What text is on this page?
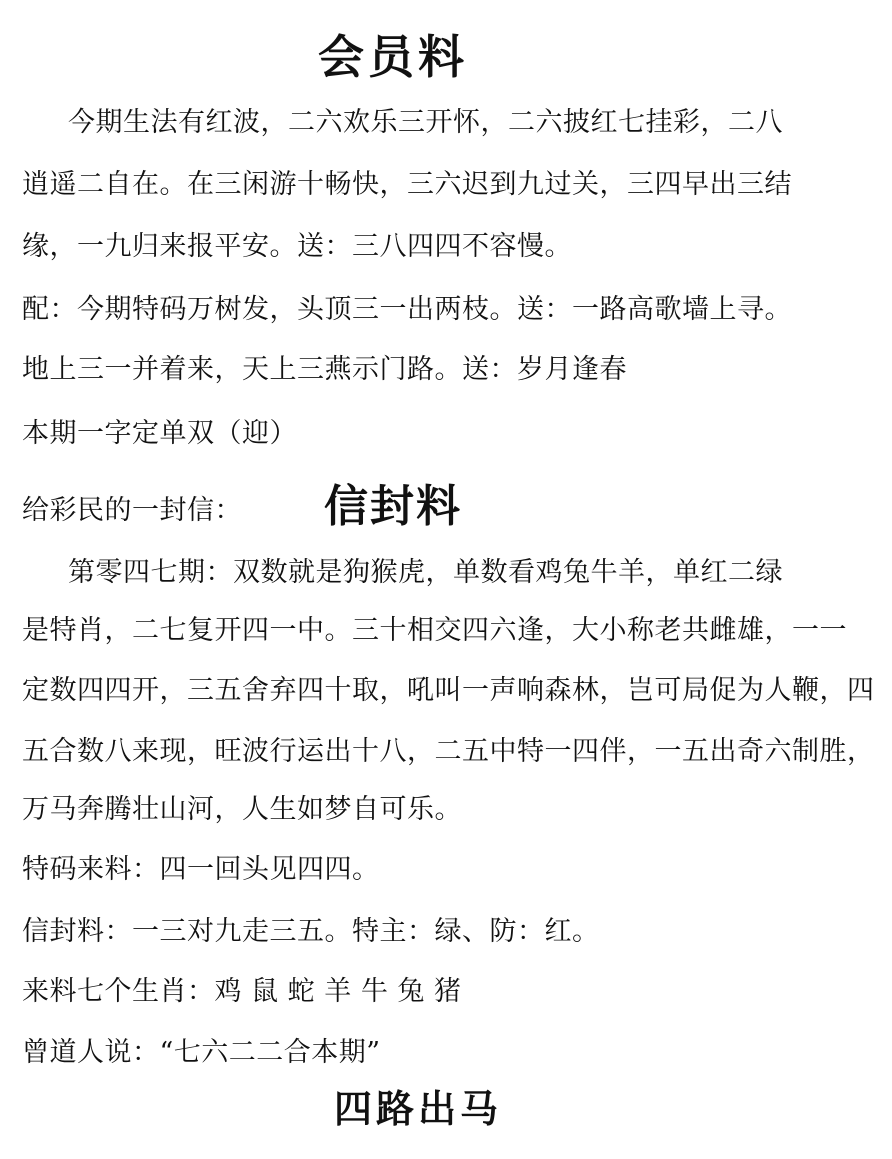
会员料
今期生法有红波，二六欢乐三开怀，二六披红七挂彩，二八
逍遥二自在。在三闲游十畅快，三六迟到九过关，三四早出三结
缘，一九归来报平安。送：三八四四不容慢。
配：今期特码万树发，头顶三一出两枝。送：一路高歌墙上寻。
地上三一并着来，天上三燕示门路。送：岁月逢春
本期一字定单双（迎）
给彩民的一封信： 信封料
第零四七期：双数就是狗猴虎，单数看鸡兔牛羊，单红二绿
是特肖，二七复开四一中。三十相交四六逢，大小称老共雌雄，一一
定数四四开，三五舍弃四十取，吼叫一声响森林，岂可局促为人鞭，四
五合数八来现，旺波行运出十八，二五中特一四伴，一五出奇六制胜，
万马奔腾壮山河，人生如梦自可乐。
特码来料：四一回头见四四。
信封料：一三对九走三五。特主：绿、防：红。
来料七个生肖：鸡 鼠 蛇 羊 牛 兔 猪
曾道人说：“七六二二合本期”
四路出马
